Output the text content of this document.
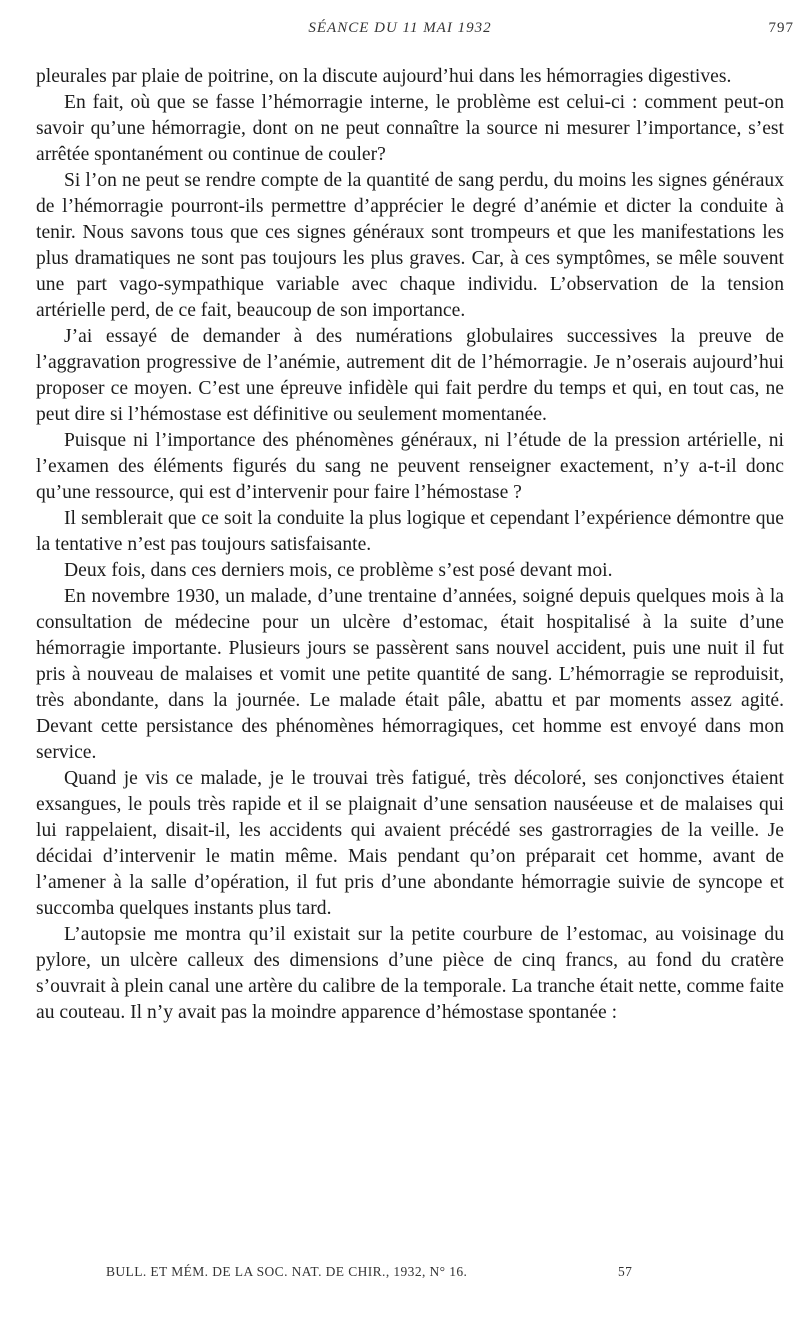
SÉANCE DU 11 MAI 1932	797

pleurales par plaie de poitrine, on la discute aujourd’hui dans les hémorragies digestives.

En fait, où que se fasse l’hémorragie interne, le problème est celui-ci : comment peut-on savoir qu’une hémorragie, dont on ne peut connaître la source ni mesurer l’importance, s’est arrêtée spontanément ou continue de couler?

Si l’on ne peut se rendre compte de la quantité de sang perdu, du moins les signes généraux de l’hémorragie pourront-ils permettre d’apprécier le degré d’anémie et dicter la conduite à tenir. Nous savons tous que ces signes généraux sont trompeurs et que les manifestations les plus dramatiques ne sont pas toujours les plus graves. Car, à ces symptômes, se mêle souvent une part vago-sympathique variable avec chaque individu. L’observation de la tension artérielle perd, de ce fait, beaucoup de son importance.

J’ai essayé de demander à des numérations globulaires successives la preuve de l’aggravation progressive de l’anémie, autrement dit de l’hémorragie. Je n’oserais aujourd’hui proposer ce moyen. C’est une épreuve infidèle qui fait perdre du temps et qui, en tout cas, ne peut dire si l’hémostase est définitive ou seulement momentanée.

Puisque ni l’importance des phénomènes généraux, ni l’étude de la pression artérielle, ni l’examen des éléments figurés du sang ne peuvent renseigner exactement, n’y a-t-il donc qu’une ressource, qui est d’intervenir pour faire l’hémostase ?

Il semblerait que ce soit la conduite la plus logique et cependant l’expérience démontre que la tentative n’est pas toujours satisfaisante.

Deux fois, dans ces derniers mois, ce problème s’est posé devant moi.

En novembre 1930, un malade, d’une trentaine d’années, soigné depuis quelques mois à la consultation de médecine pour un ulcère d’estomac, était hospitalisé à la suite d’une hémorragie importante. Plusieurs jours se passèrent sans nouvel accident, puis une nuit il fut pris à nouveau de malaises et vomit une petite quantité de sang. L’hémorragie se reproduisit, très abondante, dans la journée. Le malade était pâle, abattu et par moments assez agité. Devant cette persistance des phénomènes hémorragiques, cet homme est envoyé dans mon service.

Quand je vis ce malade, je le trouvai très fatigué, très décoloré, ses conjonctives étaient exsangues, le pouls très rapide et il se plaignait d’une sensation nauséeuse et de malaises qui lui rappelaient, disait-il, les accidents qui avaient précédé ses gastrorragies de la veille. Je décidai d’intervenir le matin même. Mais pendant qu’on préparait cet homme, avant de l’amener à la salle d’opération, il fut pris d’une abondante hémorragie suivie de syncope et succomba quelques instants plus tard.

L’autopsie me montra qu’il existait sur la petite courbure de l’estomac, au voisinage du pylore, un ulcère calleux des dimensions d’une pièce de cinq francs, au fond du cratère s’ouvrait à plein canal une artère du calibre de la temporale. La tranche était nette, comme faite au couteau. Il n’y avait pas la moindre apparence d’hémostase spontanée :

BULL. ET MÉM. DE LA SOC. NAT. DE CHIR., 1932, N° 16.	57
